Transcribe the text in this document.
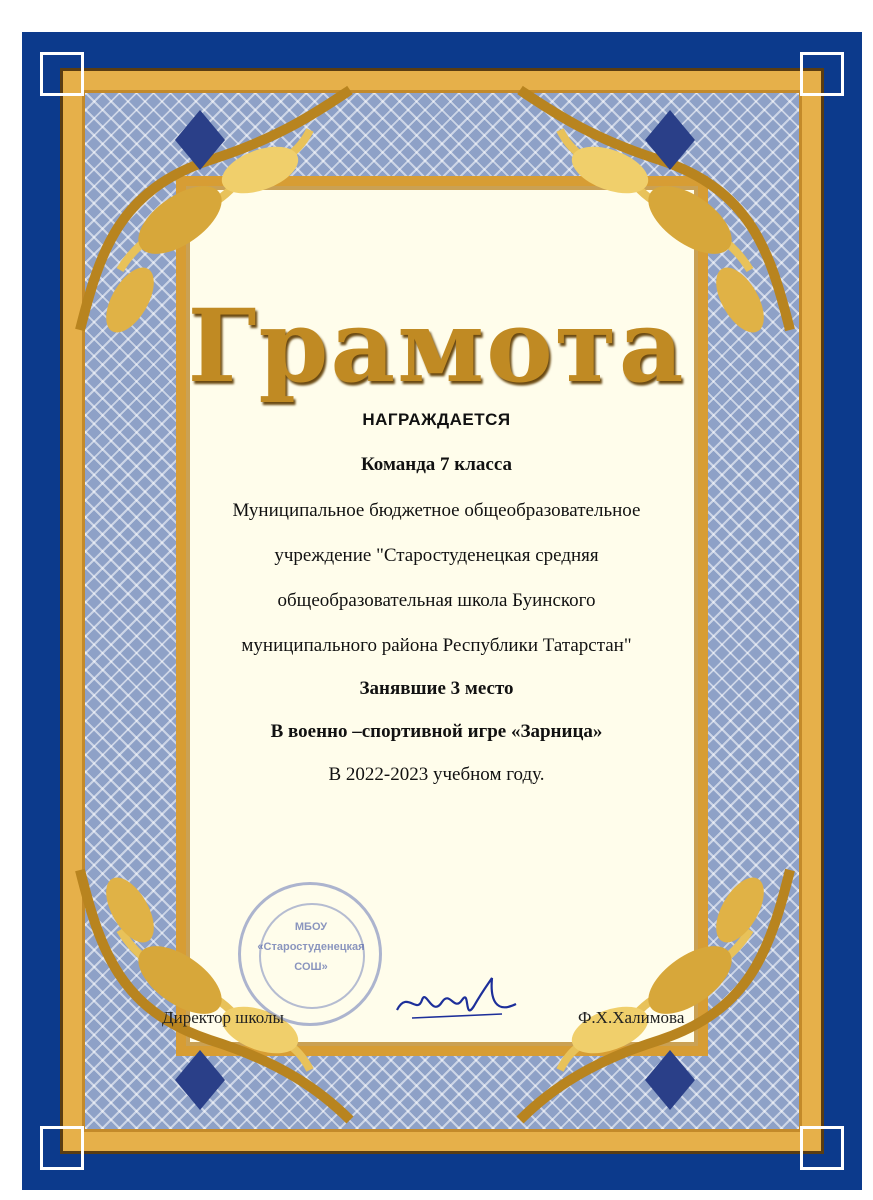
Грамота
НАГРАЖДАЕТСЯ
Команда 7 класса
Муниципальное бюджетное общеобразовательное
учреждение "Старостуденецкая средняя
общеобразовательная школа Буинского
муниципального района Республики Татарстан"
Занявшие 3 место
В военно –спортивной игре «Зарница»
В 2022-2023 учебном году.
МБОУ
«Старостуденецкая
СОШ»
Директор школы	Ф.Х.Халимова
